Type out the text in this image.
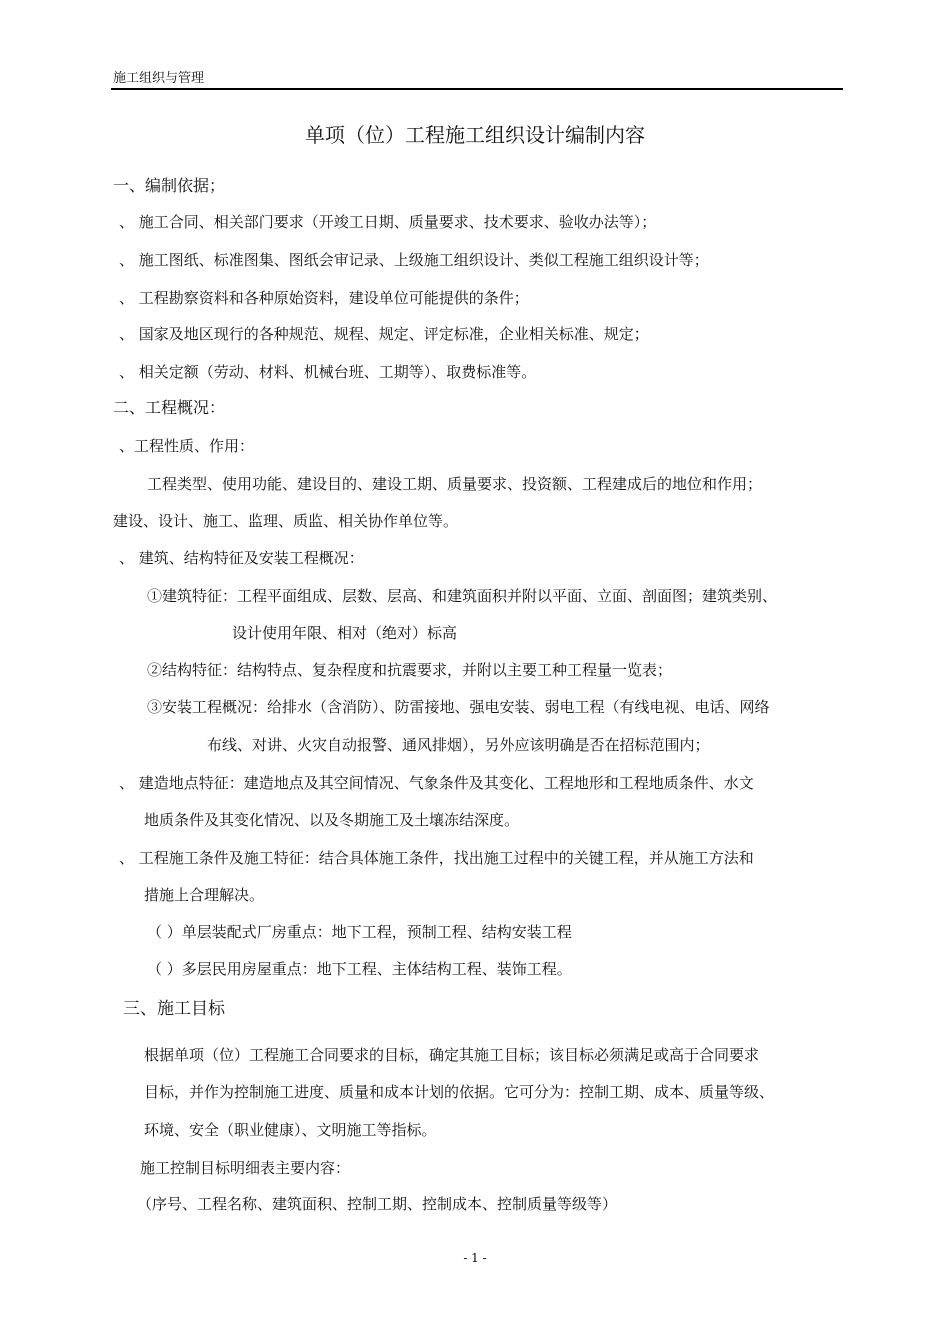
施工组织与管理
单项（位）工程施工组织设计编制内容
一、编制依据；
、 施工合同、相关部门要求（开竣工日期、质量要求、技术要求、验收办法等）；
、 施工图纸、标准图集、图纸会审记录、上级施工组织设计、类似工程施工组织设计等；
、 工程勘察资料和各种原始资料，建设单位可能提供的条件；
、 国家及地区现行的各种规范、规程、规定、评定标准，企业相关标准、规定；
、 相关定额（劳动、材料、机械台班、工期等）、取费标准等。
二、工程概况：
、工程性质、作用：
工程类型、使用功能、建设目的、建设工期、质量要求、投资额、工程建成后的地位和作用；
建设、设计、施工、监理、质监、相关协作单位等。
、 建筑、结构特征及安装工程概况：
①建筑特征：工程平面组成、层数、层高、和建筑面积并附以平面、立面、剖面图；建筑类别、
设计使用年限、相对（绝对）标高
②结构特征：结构特点、复杂程度和抗震要求，并附以主要工种工程量一览表；
③安装工程概况：给排水（含消防）、防雷接地、强电安装、弱电工程（有线电视、电话、网络
布线、对讲、火灾自动报警、通风排烟），另外应该明确是否在招标范围内；
、 建造地点特征：建造地点及其空间情况、气象条件及其变化、工程地形和工程地质条件、水文
地质条件及其变化情况、以及冬期施工及土壤冻结深度。
、 工程施工条件及施工特征：结合具体施工条件，找出施工过程中的关键工程，并从施工方法和
措施上合理解决。
（ ）单层装配式厂房重点：地下工程，预制工程、结构安装工程
（ ）多层民用房屋重点：地下工程、主体结构工程、装饰工程。
三、施工目标
根据单项（位）工程施工合同要求的目标，确定其施工目标；该目标必须满足或高于合同要求
目标，并作为控制施工进度、质量和成本计划的依据。它可分为：控制工期、成本、质量等级、
环境、安全（职业健康）、文明施工等指标。
施工控制目标明细表主要内容：
（序号、工程名称、建筑面积、控制工期、控制成本、控制质量等级等）
- 1 -
